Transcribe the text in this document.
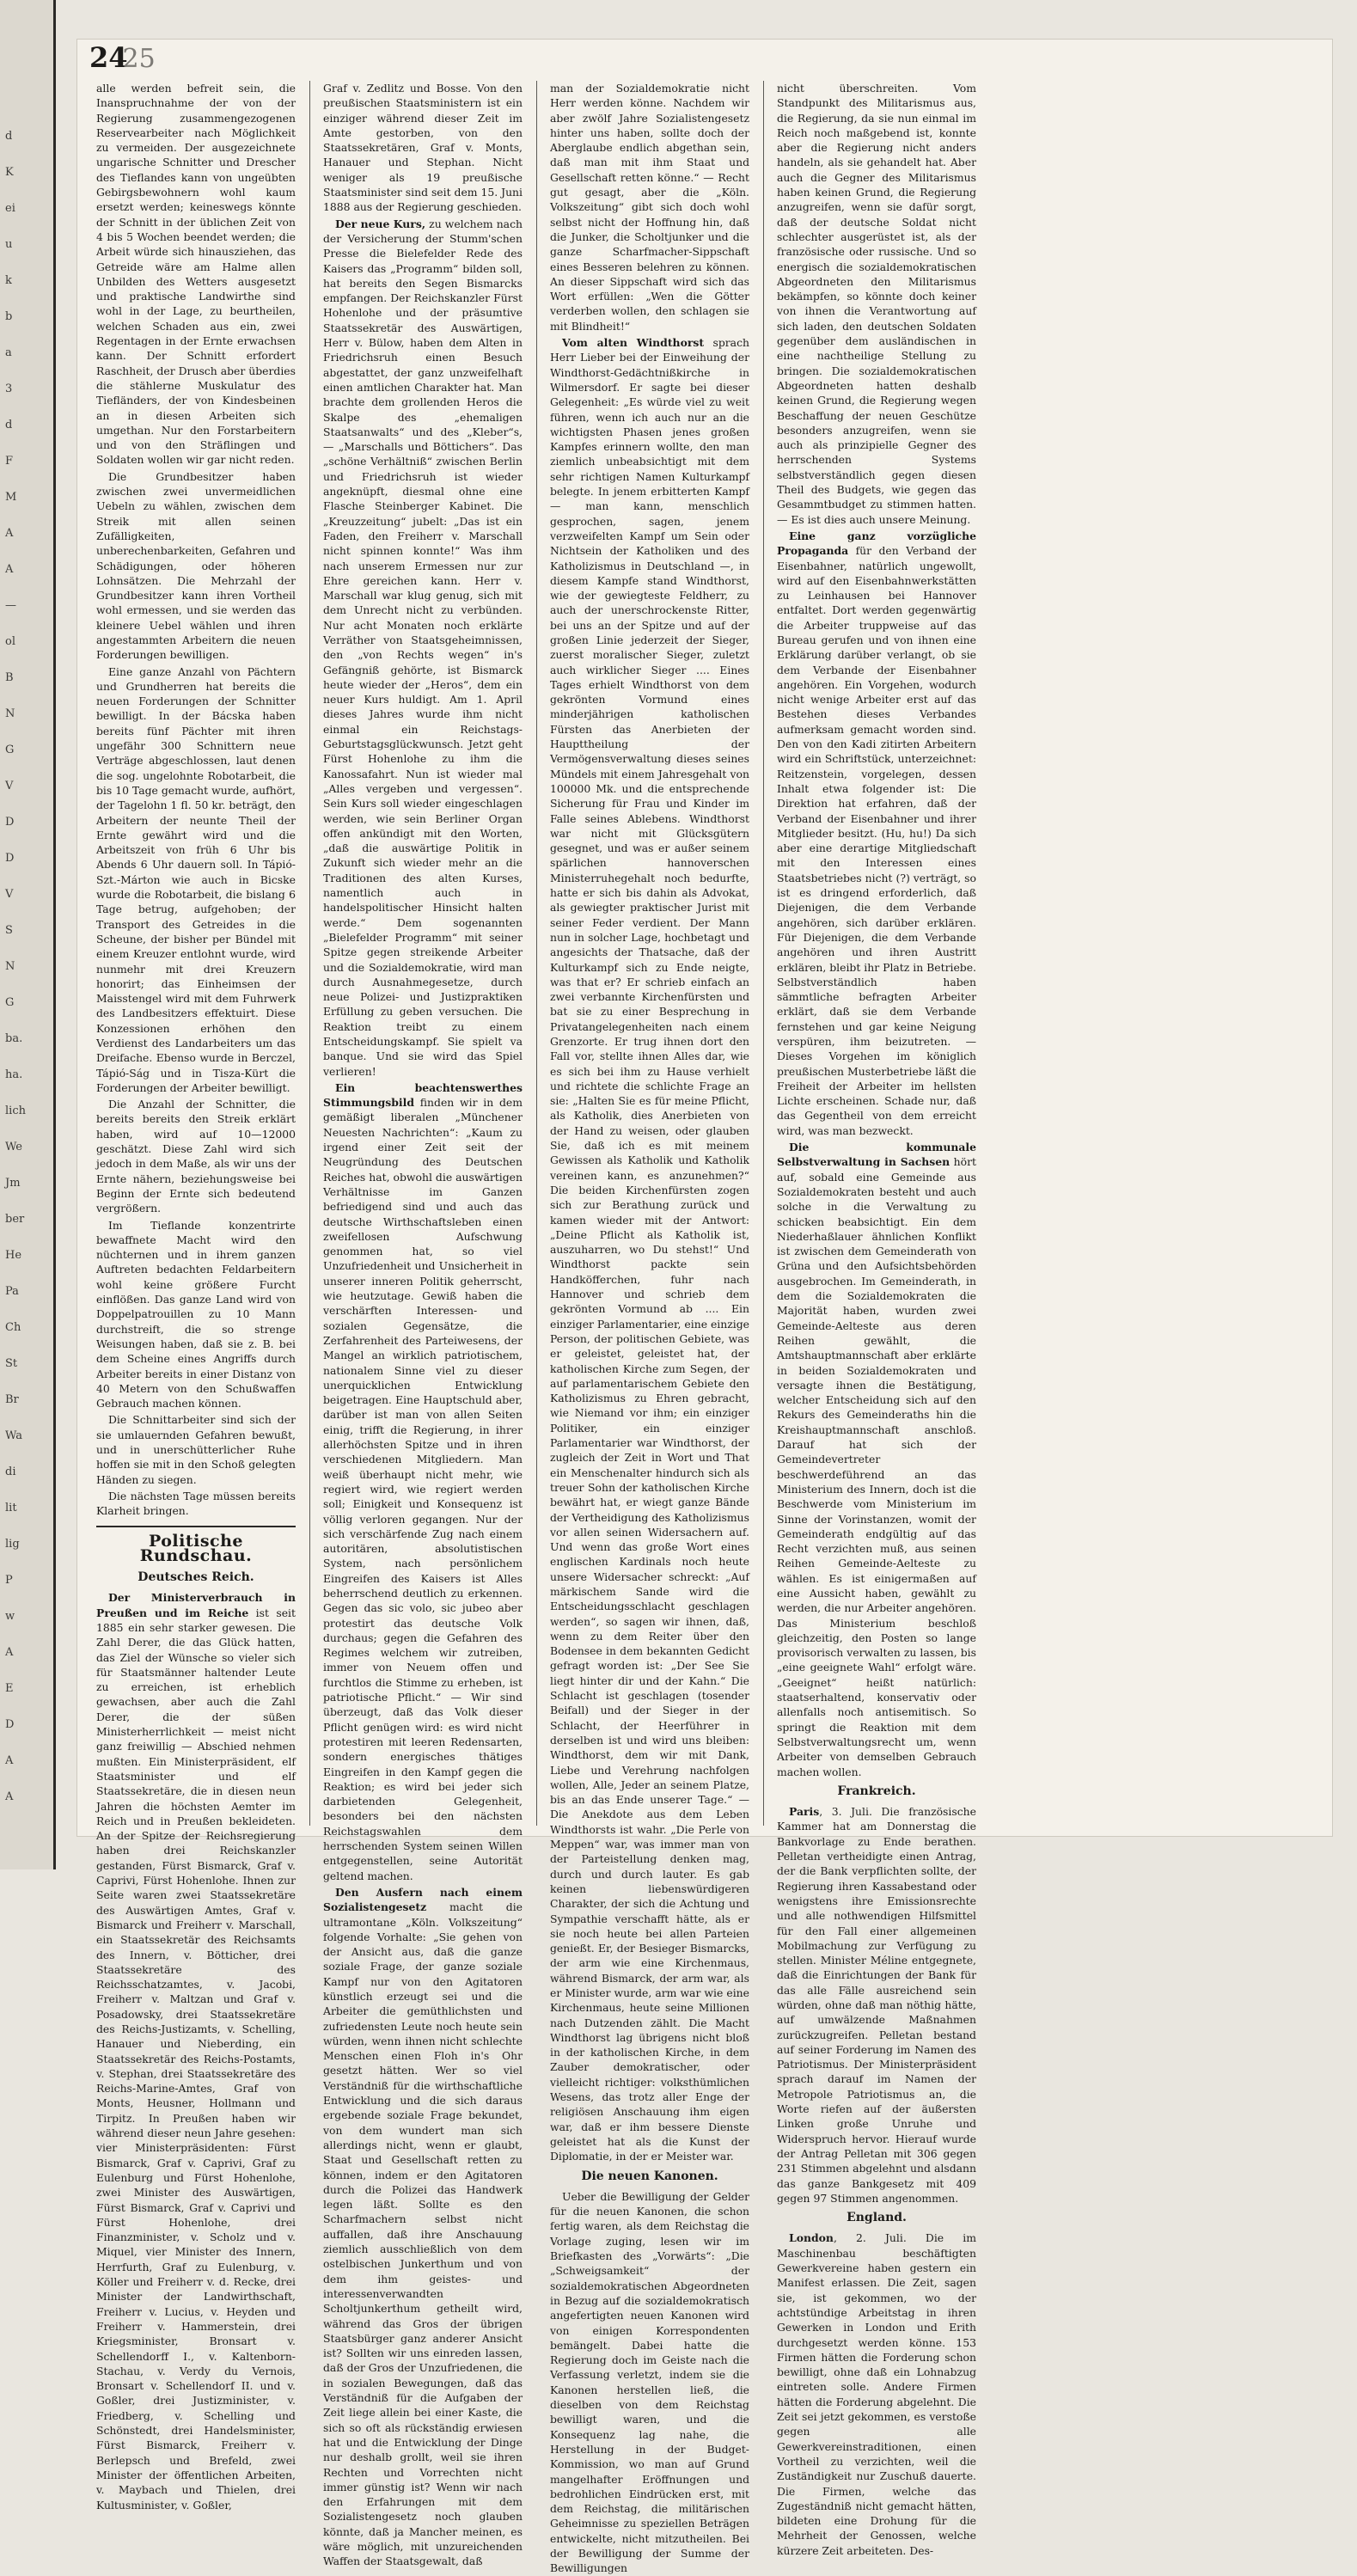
d
K
ei
u
k
b
a
3
d
F
M
A
A
—
ol
B
N
G
V
D
D
V
S
N
G
ba.
ha.
lich
We
Jm
ber
He
Pa
Ch
St
Br
Wa
di
lit
lig
P
w
A
E
D
A
A
2425

alle werden befreit sein, die Inanspruchnahme der von der Regierung zusammengezogenen Reservearbeiter nach Möglichkeit zu vermeiden. Der ausgezeichnete ungarische Schnitter und Drescher des Tieflandes kann von ungeübten Gebirgsbewohnern wohl kaum ersetzt werden; keineswegs könnte der Schnitt in der üblichen Zeit von 4 bis 5 Wochen beendet werden; die Arbeit würde sich hinausziehen, das Getreide wäre am Halme allen Unbilden des Wetters ausgesetzt und praktische Landwirthe sind wohl in der Lage, zu beurtheilen, welchen Schaden aus ein, zwei Regentagen in der Ernte erwachsen kann. Der Schnitt erfordert Raschheit, der Drusch aber überdies die stählerne Muskulatur des Tiefländers, der von Kindesbeinen an in diesen Arbeiten sich umgethan. Nur den Forstarbeitern und von den Sträflingen und Soldaten wollen wir gar nicht reden.

Die Grundbesitzer haben zwischen zwei unvermeidlichen Uebeln zu wählen, zwischen dem Streik mit allen seinen Zufälligkeiten, unberechenbarkeiten, Gefahren und Schädigungen, oder höheren Lohnsätzen. Die Mehrzahl der Grundbesitzer kann ihren Vortheil wohl ermessen, und sie werden das kleinere Uebel wählen und ihren angestammten Arbeitern die neuen Forderungen bewilligen.

Eine ganze Anzahl von Pächtern und Grundherren hat bereits die neuen Forderungen der Schnitter bewilligt. In der Bácska haben bereits fünf Pächter mit ihren ungefähr 300 Schnittern neue Verträge abgeschlossen, laut denen die sog. ungelohnte Robotarbeit, die bis 10 Tage gemacht wurde, aufhört, der Tagelohn 1 fl. 50 kr. beträgt, den Arbeitern der neunte Theil der Ernte gewährt wird und die Arbeitszeit von früh 6 Uhr bis Abends 6 Uhr dauern soll. In Tápió-Szt.-Márton wie auch in Bicske wurde die Robotarbeit, die bislang 6 Tage betrug, aufgehoben; der Transport des Getreides in die Scheune, der bisher per Bündel mit einem Kreuzer entlohnt wurde, wird nunmehr mit drei Kreuzern honorirt; das Einheimsen der Maisstengel wird mit dem Fuhrwerk des Landbesitzers effektuirt. Diese Konzessionen erhöhen den Verdienst des Landarbeiters um das Dreifache. Ebenso wurde in Berczel, Tápió-Ság und in Tisza-Kürt die Forderungen der Arbeiter bewilligt.

Die Anzahl der Schnitter, die bereits bereits den Streik erklärt haben, wird auf 10—12000 geschätzt. Diese Zahl wird sich jedoch in dem Maße, als wir uns der Ernte nähern, beziehungsweise bei Beginn der Ernte sich bedeutend vergrößern.

Im Tieflande konzentrirte bewaffnete Macht wird den nüchternen und in ihrem ganzen Auftreten bedachten Feldarbeitern wohl keine größere Furcht einflößen. Das ganze Land wird von Doppelpatrouillen zu 10 Mann durchstreift, die so strenge Weisungen haben, daß sie z. B. bei dem Scheine eines Angriffs durch Arbeiter bereits in einer Distanz von 40 Metern von den Schußwaffen Gebrauch machen können.

Die Schnittarbeiter sind sich der sie umlauernden Gefahren bewußt, und in unerschütterlicher Ruhe hoffen sie mit in den Schoß gelegten Händen zu siegen.

Die nächsten Tage müssen bereits Klarheit bringen.

Politische Rundschau.
Deutsches Reich.

Der Ministerverbrauch in Preußen und im Reiche ist seit 1885 ein sehr starker gewesen. Die Zahl Derer, die das Glück hatten, das Ziel der Wünsche so vieler sich für Staatsmänner haltender Leute zu erreichen, ist erheblich gewachsen, aber auch die Zahl Derer, die der süßen Ministerherrlichkeit — meist nicht ganz freiwillig — Abschied nehmen mußten. Ein Ministerpräsident, elf Staatsminister und elf Staatssekretäre, die in diesen neun Jahren die höchsten Aemter im Reich und in Preußen bekleideten. An der Spitze der Reichsregierung haben drei Reichskanzler gestanden, Fürst Bismarck, Graf v. Caprivi, Fürst Hohenlohe. Ihnen zur Seite waren zwei Staatssekretäre des Auswärtigen Amtes, Graf v. Bismarck und Freiherr v. Marschall, ein Staatssekretär des Reichsamts des Innern, v. Bötticher, drei Staatssekretäre des Reichsschatzamtes, v. Jacobi, Freiherr v. Maltzan und Graf v. Posadowsky, drei Staatssekretäre des Reichs-Justizamts, v. Schelling, Hanauer und Nieberding, ein Staatssekretär des Reichs-Postamts, v. Stephan, drei Staatssekretäre des Reichs-Marine-Amtes, Graf von Monts, Heusner, Hollmann und Tirpitz. In Preußen haben wir während dieser neun Jahre gesehen: vier Ministerpräsidenten: Fürst Bismarck, Graf v. Caprivi, Graf zu Eulenburg und Fürst Hohenlohe, zwei Minister des Auswärtigen, Fürst Bismarck, Graf v. Caprivi und Fürst Hohenlohe, drei Finanzminister, v. Scholz und v. Miquel, vier Minister des Innern, Herrfurth, Graf zu Eulenburg, v. Köller und Freiherr v. d. Recke, drei Minister der Landwirthschaft, Freiherr v. Lucius, v. Heyden und Freiherr v. Hammerstein, drei Kriegsminister, Bronsart v. Schellendorff I., v. Kaltenborn-Stachau, v. Verdy du Vernois, Bronsart v. Schellendorf II. und v. Goßler, drei Justizminister, v. Friedberg, v. Schelling und Schönstedt, drei Handelsminister, Fürst Bismarck, Freiherr v. Berlepsch und Brefeld, zwei Minister der öffentlichen Arbeiten, v. Maybach und Thielen, drei Kultusminister, v. Goßler,

Graf v. Zedlitz und Bosse. Von den preußischen Staatsministern ist ein einziger während dieser Zeit im Amte gestorben, von den Staatssekretären, Graf v. Monts, Hanauer und Stephan. Nicht weniger als 19 preußische Staatsminister sind seit dem 15. Juni 1888 aus der Regierung geschieden.

Der neue Kurs, zu welchem nach der Versicherung der Stumm'schen Presse die Bielefelder Rede des Kaisers das „Programm“ bilden soll, hat bereits den Segen Bismarcks empfangen. Der Reichskanzler Fürst Hohenlohe und der präsumtive Staatssekretär des Auswärtigen, Herr v. Bülow, haben dem Alten in Friedrichsruh einen Besuch abgestattet, der ganz unzweifelhaft einen amtlichen Charakter hat. Man brachte dem grollenden Heros die Skalpe des „ehemaligen Staatsanwalts“ und des „Kleber“s, — „Marschalls und Böttichers“. Das „schöne Verhältniß“ zwischen Berlin und Friedrichsruh ist wieder angeknüpft, diesmal ohne eine Flasche Steinberger Kabinet. Die „Kreuzzeitung“ jubelt: „Das ist ein Faden, den Freiherr v. Marschall nicht spinnen konnte!“ Was ihm nach unserem Ermessen nur zur Ehre gereichen kann. Herr v. Marschall war klug genug, sich mit dem Unrecht nicht zu verbünden. Nur acht Monaten noch erklärte Verräther von Staatsgeheimnissen, den „von Rechts wegen“ in's Gefängniß gehörte, ist Bismarck heute wieder der „Heros“, dem ein neuer Kurs huldigt. Am 1. April dieses Jahres wurde ihm nicht einmal ein Reichstags-Geburtstagsglückwunsch. Jetzt geht Fürst Hohenlohe zu ihm die Kanossafahrt. Nun ist wieder mal „Alles vergeben und vergessen“. Sein Kurs soll wieder eingeschlagen werden, wie sein Berliner Organ offen ankündigt mit den Worten, „daß die auswärtige Politik in Zukunft sich wieder mehr an die Traditionen des alten Kurses, namentlich auch in handelspolitischer Hinsicht halten werde.“ Dem sogenannten „Bielefelder Programm“ mit seiner Spitze gegen streikende Arbeiter und die Sozialdemokratie, wird man durch Ausnahmegesetze, durch neue Polizei- und Justizpraktiken Erfüllung zu geben versuchen. Die Reaktion treibt zu einem Entscheidungskampf. Sie spielt va banque. Und sie wird das Spiel verlieren!

Ein beachtenswerthes Stimmungsbild finden wir in dem gemäßigt liberalen „Münchener Neuesten Nachrichten“: „Kaum zu irgend einer Zeit seit der Neugründung des Deutschen Reiches hat, obwohl die auswärtigen Verhältnisse im Ganzen befriedigend sind und auch das deutsche Wirthschaftsleben einen zweifellosen Aufschwung genommen hat, so viel Unzufriedenheit und Unsicherheit in unserer inneren Politik geherrscht, wie heutzutage. Gewiß haben die verschärften Interessen- und sozialen Gegensätze, die Zerfahrenheit des Parteiwesens, der Mangel an wirklich patriotischem, nationalem Sinne viel zu dieser unerquicklichen Entwicklung beigetragen. Eine Hauptschuld aber, darüber ist man von allen Seiten einig, trifft die Regierung, in ihrer allerhöchsten Spitze und in ihren verschiedenen Mitgliedern. Man weiß überhaupt nicht mehr, wie regiert wird, wie regiert werden soll; Einigkeit und Konsequenz ist völlig verloren gegangen. Nur der sich verschärfende Zug nach einem autoritären, absolutistischen System, nach persönlichem Eingreifen des Kaisers ist Alles beherrschend deutlich zu erkennen. Gegen das sic volo, sic jubeo aber protestirt das deutsche Volk durchaus; gegen die Gefahren des Regimes welchem wir zutreiben, immer von Neuem offen und furchtlos die Stimme zu erheben, ist patriotische Pflicht.“ — Wir sind überzeugt, daß das Volk dieser Pflicht genügen wird: es wird nicht protestiren mit leeren Redensarten, sondern energisches thätiges Eingreifen in den Kampf gegen die Reaktion; es wird bei jeder sich darbietenden Gelegenheit, besonders bei den nächsten Reichstagswahlen dem herrschenden System seinen Willen entgegenstellen, seine Autorität geltend machen.

Den Ausfern nach einem Sozialistengesetz macht die ultramontane „Köln. Volkszeitung“ folgende Vorhalte: „Sie gehen von der Ansicht aus, daß die ganze soziale Frage, der ganze soziale Kampf nur von den Agitatoren künstlich erzeugt sei und die Arbeiter die gemüthlichsten und zufriedensten Leute noch heute sein würden, wenn ihnen nicht schlechte Menschen einen Floh in's Ohr gesetzt hätten. Wer so viel Verständniß für die wirthschaftliche Entwicklung und die sich daraus ergebende soziale Frage bekundet, von dem wundert man sich allerdings nicht, wenn er glaubt, Staat und Gesellschaft retten zu können, indem er den Agitatoren durch die Polizei das Handwerk legen läßt. Sollte es den Scharfmachern selbst nicht auffallen, daß ihre Anschauung ziemlich ausschließlich von dem ostelbischen Junkerthum und von dem ihm geistes- und interessenverwandten Scholtjunkerthum getheilt wird, während das Gros der übrigen Staatsbürger ganz anderer Ansicht ist? Sollten wir uns einreden lassen, daß der Gros der Unzufriedenen, die in sozialen Bewegungen, daß das Verständniß für die Aufgaben der Zeit liege allein bei einer Kaste, die sich so oft als rückständig erwiesen hat und die Entwicklung der Dinge nur deshalb grollt, weil sie ihren Rechten und Vorrechten nicht immer günstig ist? Wenn wir nach den Erfahrungen mit dem Sozialistengesetz noch glauben könnte, daß ja Mancher meinen, es wäre möglich, mit unzureichenden Waffen der Staatsgewalt, daß

man der Sozialdemokratie nicht Herr werden könne. Nachdem wir aber zwölf Jahre Sozialistengesetz hinter uns haben, sollte doch der Aberglaube endlich abgethan sein, daß man mit ihm Staat und Gesellschaft retten könne.“ — Recht gut gesagt, aber die „Köln. Volkszeitung“ gibt sich doch wohl selbst nicht der Hoffnung hin, daß die Junker, die Scholtjunker und die ganze Scharfmacher-Sippschaft eines Besseren belehren zu können. An dieser Sippschaft wird sich das Wort erfüllen: „Wen die Götter verderben wollen, den schlagen sie mit Blindheit!“

Vom alten Windthorst sprach Herr Lieber bei der Einweihung der Windthorst-Gedächtnißkirche in Wilmersdorf. Er sagte bei dieser Gelegenheit: „Es würde viel zu weit führen, wenn ich auch nur an die wichtigsten Phasen jenes großen Kampfes erinnern wollte, den man ziemlich unbeabsichtigt mit dem sehr richtigen Namen Kulturkampf belegte. In jenem erbitterten Kampf — man kann, menschlich gesprochen, sagen, jenem verzweifelten Kampf um Sein oder Nichtsein der Katholiken und des Katholizismus in Deutschland —, in diesem Kampfe stand Windthorst, wie der gewiegteste Feldherr, zu auch der unerschrockenste Ritter, bei uns an der Spitze und auf der großen Linie jederzeit der Sieger, zuerst moralischer Sieger, zuletzt auch wirklicher Sieger .... Eines Tages erhielt Windthorst von dem gekrönten Vormund eines minderjährigen katholischen Fürsten das Anerbieten der Haupttheilung der Vermögensverwaltung dieses seines Mündels mit einem Jahresgehalt von 100000 Mk. und die entsprechende Sicherung für Frau und Kinder im Falle seines Ablebens. Windthorst war nicht mit Glücksgütern gesegnet, und was er außer seinem spärlichen hannoverschen Ministerruhegehalt noch bedurfte, hatte er sich bis dahin als Advokat, als gewiegter praktischer Jurist mit seiner Feder verdient. Der Mann nun in solcher Lage, hochbetagt und angesichts der Thatsache, daß der Kulturkampf sich zu Ende neigte, was that er? Er schrieb einfach an zwei verbannte Kirchenfürsten und bat sie zu einer Besprechung in Privatangelegenheiten nach einem Grenzorte. Er trug ihnen dort den Fall vor, stellte ihnen Alles dar, wie es sich bei ihm zu Hause verhielt und richtete die schlichte Frage an sie: „Halten Sie es für meine Pflicht, als Katholik, dies Anerbieten von der Hand zu weisen, oder glauben Sie, daß ich es mit meinem Gewissen als Katholik und Katholik vereinen kann, es anzunehmen?“ Die beiden Kirchenfürsten zogen sich zur Berathung zurück und kamen wieder mit der Antwort: „Deine Pflicht als Katholik ist, auszuharren, wo Du stehst!“ Und Windthorst packte sein Handköfferchen, fuhr nach Hannover und schrieb dem gekrönten Vormund ab .... Ein einziger Parlamentarier, eine einzige Person, der politischen Gebiete, was er geleistet, geleistet hat, der katholischen Kirche zum Segen, der auf parlamentarischem Gebiete den Katholizismus zu Ehren gebracht, wie Niemand vor ihm; ein einziger Politiker, ein einziger Parlamentarier war Windthorst, der zugleich der Zeit in Wort und That ein Menschenalter hindurch sich als treuer Sohn der katholischen Kirche bewährt hat, er wiegt ganze Bände der Vertheidigung des Katholizismus vor allen seinen Widersachern auf. Und wenn das große Wort eines englischen Kardinals noch heute unsere Widersacher schreckt: „Auf märkischem Sande wird die Entscheidungsschlacht geschlagen werden“, so sagen wir ihnen, daß, wenn zu dem Reiter über den Bodensee in dem bekannten Gedicht gefragt worden ist: „Der See Sie liegt hinter dir und der Kahn.“ Die Schlacht ist geschlagen (tosender Beifall) und der Sieger in der Schlacht, der Heerführer in derselben ist und wird uns bleiben: Windthorst, dem wir mit Dank, Liebe und Verehrung nachfolgen wollen, Alle, Jeder an seinem Platze, bis an das Ende unserer Tage.“ — Die Anekdote aus dem Leben Windthorsts ist wahr. „Die Perle von Meppen“ war, was immer man von der Parteistellung denken mag, durch und durch lauter. Es gab keinen liebenswürdigeren Charakter, der sich die Achtung und Sympathie verschafft hätte, als er sie noch heute bei allen Parteien genießt. Er, der Besieger Bismarcks, der arm wie eine Kirchenmaus, während Bismarck, der arm war, als er Minister wurde, arm war wie eine Kirchenmaus, heute seine Millionen nach Dutzenden zählt. Die Macht Windthorst lag übrigens nicht bloß in der katholischen Kirche, in dem Zauber demokratischer, oder vielleicht richtiger: volksthümlichen Wesens, das trotz aller Enge der religiösen Anschauung ihm eigen war, daß er ihm bessere Dienste geleistet hat als die Kunst der Diplomatie, in der er Meister war.

Die neuen Kanonen.

Ueber die Bewilligung der Gelder für die neuen Kanonen, die schon fertig waren, als dem Reichstag die Vorlage zuging, lesen wir im Briefkasten des „Vorwärts“: „Die „Schweigsamkeit“ der sozialdemokratischen Abgeordneten in Bezug auf die sozialdemokratisch angefertigten neuen Kanonen wird von einigen Korrespondenten bemängelt. Dabei hatte die Regierung doch im Geiste nach die Verfassung verletzt, indem sie die Kanonen herstellen ließ, die dieselben von dem Reichstag bewilligt waren, und die Konsequenz lag nahe, die Herstellung in der Budget-Kommission, wo man auf Grund mangelhafter Eröffnungen und bedrohlichen Eindrücken erst, mit dem Reichstag, die militärischen Geheimnisse zu speziellen Beträgen entwickelte, nicht mitzutheilen. Bei der Bewilligung der Summe der Bewilligungen

nicht überschreiten. Vom Standpunkt des Militarismus aus, die Regierung, da sie nun einmal im Reich noch maßgebend ist, konnte aber die Regierung nicht anders handeln, als sie gehandelt hat. Aber auch die Gegner des Militarismus haben keinen Grund, die Regierung anzugreifen, wenn sie dafür sorgt, daß der deutsche Soldat nicht schlechter ausgerüstet ist, als der französische oder russische. Und so energisch die sozialdemokratischen Abgeordneten den Militarismus bekämpfen, so könnte doch keiner von ihnen die Verantwortung auf sich laden, den deutschen Soldaten gegenüber dem ausländischen in eine nachtheilige Stellung zu bringen. Die sozialdemokratischen Abgeordneten hatten deshalb keinen Grund, die Regierung wegen Beschaffung der neuen Geschütze besonders anzugreifen, wenn sie auch als prinzipielle Gegner des herrschenden Systems selbstverständlich gegen diesen Theil des Budgets, wie gegen das Gesammtbudget zu stimmen hatten. — Es ist dies auch unsere Meinung.

Eine ganz vorzügliche Propaganda für den Verband der Eisenbahner, natürlich ungewollt, wird auf den Eisenbahnwerkstätten zu Leinhausen bei Hannover entfaltet. Dort werden gegenwärtig die Arbeiter truppweise auf das Bureau gerufen und von ihnen eine Erklärung darüber verlangt, ob sie dem Verbande der Eisenbahner angehören. Ein Vorgehen, wodurch nicht wenige Arbeiter erst auf das Bestehen dieses Verbandes aufmerksam gemacht worden sind. Den von den Kadi zitirten Arbeitern wird ein Schriftstück, unterzeichnet: Reitzenstein, vorgelegen, dessen Inhalt etwa folgender ist: Die Direktion hat erfahren, daß der Verband der Eisenbahner und ihrer Mitglieder besitzt. (Hu, hu!) Da sich aber eine derartige Mitgliedschaft mit den Interessen eines Staatsbetriebes nicht (?) verträgt, so ist es dringend erforderlich, daß Diejenigen, die dem Verbande angehören, sich darüber erklären. Für Diejenigen, die dem Verbande angehören und ihren Austritt erklären, bleibt ihr Platz in Betriebe. Selbstverständlich haben sämmtliche befragten Arbeiter erklärt, daß sie dem Verbande fernstehen und gar keine Neigung verspüren, ihm beizutreten. — Dieses Vorgehen im königlich preußischen Musterbetriebe läßt die Freiheit der Arbeiter im hellsten Lichte erscheinen. Schade nur, daß das Gegentheil von dem erreicht wird, was man bezweckt.

Die kommunale Selbstverwaltung in Sachsen hört auf, sobald eine Gemeinde aus Sozialdemokraten besteht und auch solche in die Verwaltung zu schicken beabsichtigt. Ein dem Niederhaßlauer ähnlichen Konflikt ist zwischen dem Gemeinderath von Grüna und den Aufsichtsbehörden ausgebrochen. Im Gemeinderath, in dem die Sozialdemokraten die Majorität haben, wurden zwei Gemeinde-Aelteste aus deren Reihen gewählt, die Amtshauptmannschaft aber erklärte in beiden Sozialdemokraten und versagte ihnen die Bestätigung, welcher Entscheidung sich auf den Rekurs des Gemeinderaths hin die Kreishauptmannschaft anschloß. Darauf hat sich der Gemeindevertreter beschwerdeführend an das Ministerium des Innern, doch ist die Beschwerde vom Ministerium im Sinne der Vorinstanzen, womit der Gemeinderath endgültig auf das Recht verzichten muß, aus seinen Reihen Gemeinde-Aelteste zu wählen. Es ist einigermaßen auf eine Aussicht haben, gewählt zu werden, die nur Arbeiter angehören. Das Ministerium beschloß gleichzeitig, den Posten so lange provisorisch verwalten zu lassen, bis „eine geeignete Wahl“ erfolgt wäre. „Geeignet“ heißt natürlich: staatserhaltend, konservativ oder allenfalls noch antisemitisch. So springt die Reaktion mit dem Selbstverwaltungsrecht um, wenn Arbeiter von demselben Gebrauch machen wollen.

Frankreich.

Paris, 3. Juli. Die französische Kammer hat am Donnerstag die Bankvorlage zu Ende berathen. Pelletan vertheidigte einen Antrag, der die Bank verpflichten sollte, der Regierung ihren Kassabestand oder wenigstens ihre Emissionsrechte und alle nothwendigen Hilfsmittel für den Fall einer allgemeinen Mobilmachung zur Verfügung zu stellen. Minister Méline entgegnete, daß die Einrichtungen der Bank für das alle Fälle ausreichend sein würden, ohne daß man nöthig hätte, auf umwälzende Maßnahmen zurückzugreifen. Pelletan bestand auf seiner Forderung im Namen des Patriotismus. Der Ministerpräsident sprach darauf im Namen der Metropole Patriotismus an, die Worte riefen auf der äußersten Linken große Unruhe und Widerspruch hervor. Hierauf wurde der Antrag Pelletan mit 306 gegen 231 Stimmen abgelehnt und alsdann das ganze Bankgesetz mit 409 gegen 97 Stimmen angenommen.

England.

London, 2. Juli. Die im Maschinenbau beschäftigten Gewerkvereine haben gestern ein Manifest erlassen. Die Zeit, sagen sie, ist gekommen, wo der achtstündige Arbeitstag in ihren Gewerken in London und Erith durchgesetzt werden könne. 153 Firmen hätten die Forderung schon bewilligt, ohne daß ein Lohnabzug eintreten solle. Andere Firmen hätten die Forderung abgelehnt. Die Zeit sei jetzt gekommen, es verstoße gegen alle Gewerkvereinstraditionen, einen Vortheil zu verzichten, weil die Zuständigkeit nur Zuschuß dauerte. Die Firmen, welche das Zugeständniß nicht gemacht hätten, bildeten eine Drohung für die Mehrheit der Genossen, welche kürzere Zeit arbeiteten. Des-
